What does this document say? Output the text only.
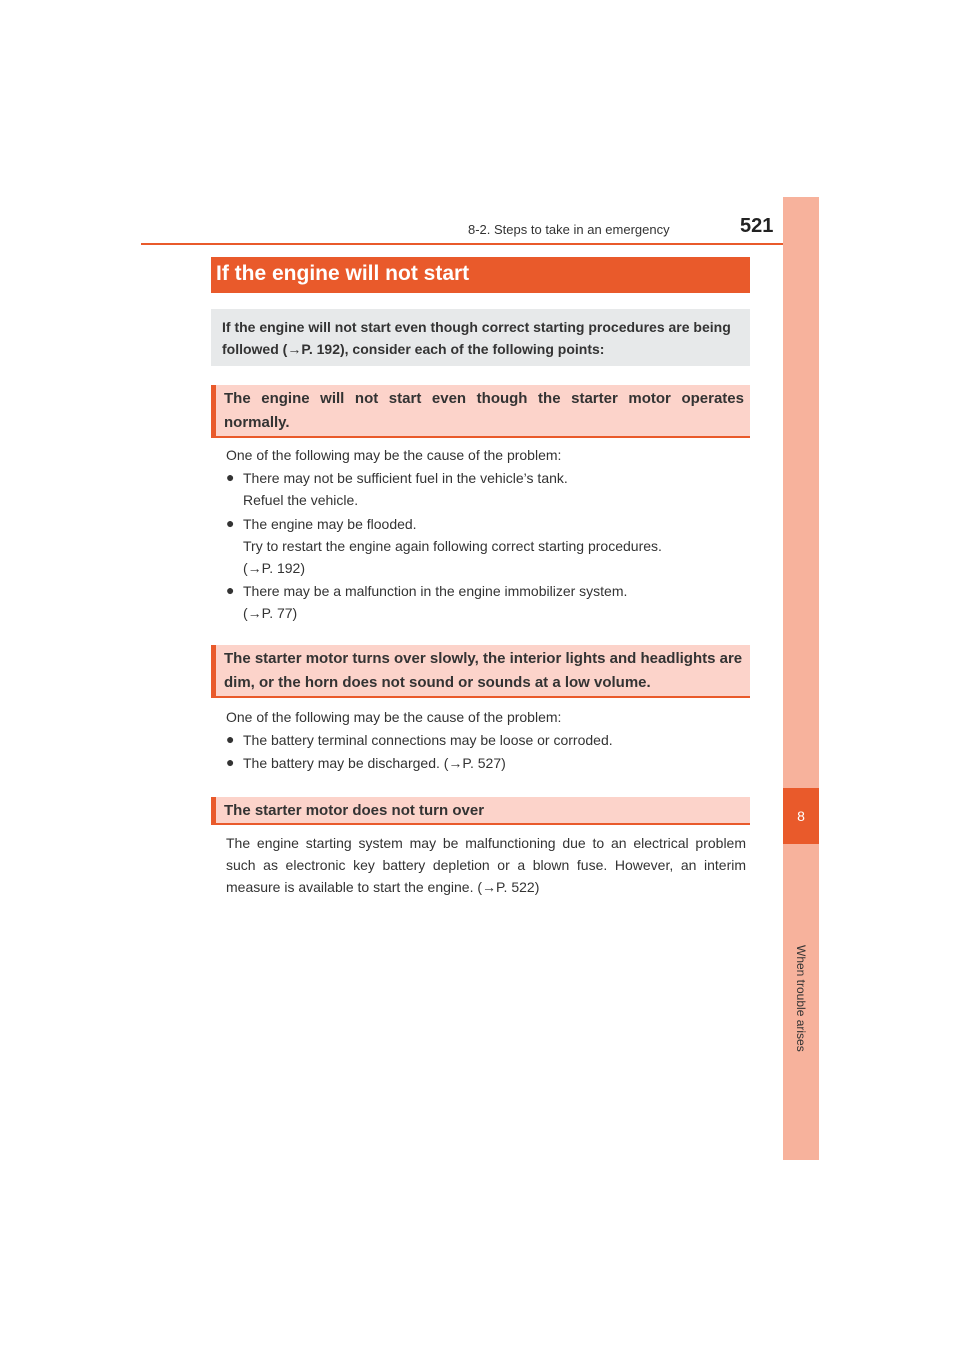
8-2. Steps to take in an emergency	521
8
When trouble arises
If the engine will not start
If the engine will not start even though correct starting procedures are being followed (→P. 192), consider each of the following points:
The engine will not start even though the starter motor operates normally.
One of the following may be the cause of the problem:
● There may not be sufficient fuel in the vehicle’s tank.
Refuel the vehicle.
● The engine may be flooded.
Try to restart the engine again following correct starting procedures.
(→P. 192)
● There may be a malfunction in the engine immobilizer system.
(→P. 77)
The starter motor turns over slowly, the interior lights and headlights are dim, or the horn does not sound or sounds at a low volume.
One of the following may be the cause of the problem:
● The battery terminal connections may be loose or corroded.
● The battery may be discharged. (→P. 527)
The starter motor does not turn over
The engine starting system may be malfunctioning due to an electrical problem such as electronic key battery depletion or a blown fuse. However, an interim measure is available to start the engine. (→P. 522)
